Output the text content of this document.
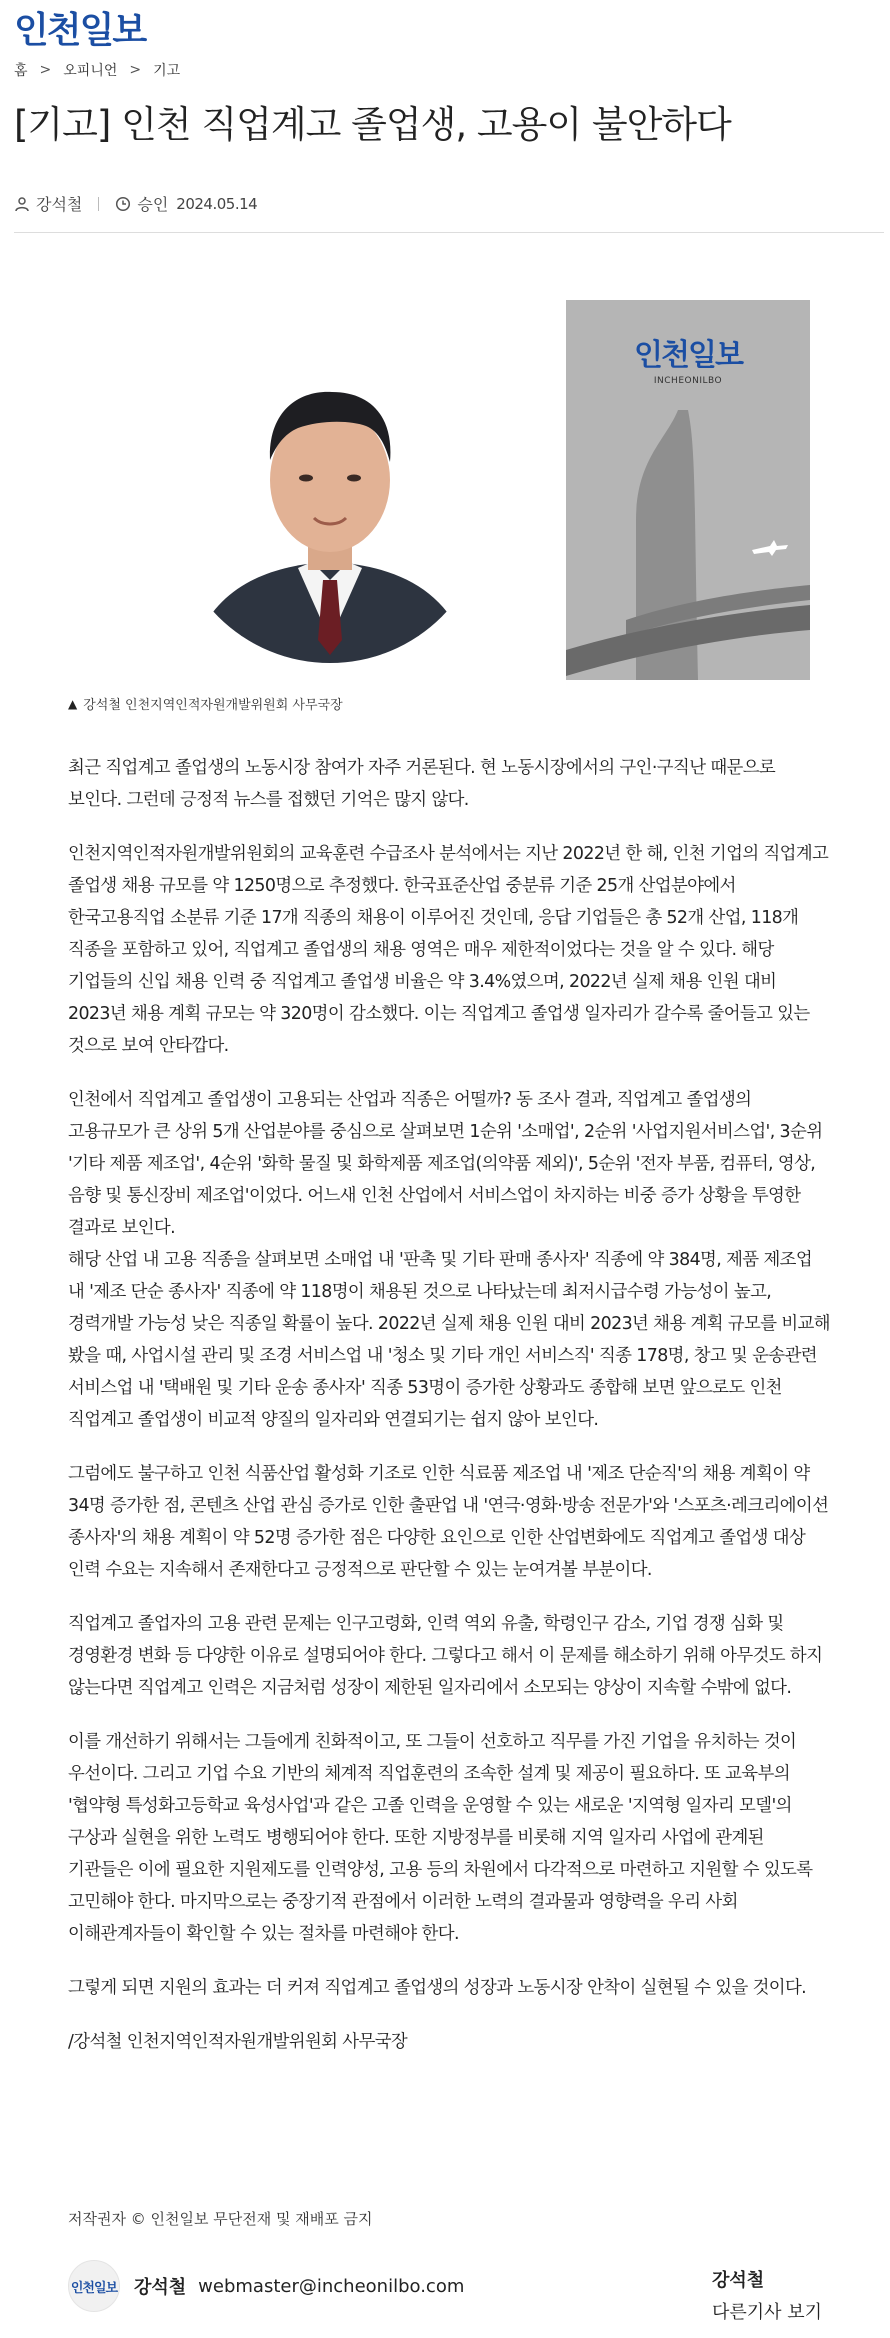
인천 일보
홈 > 오피니언 > 기고
[기고] 인천 직업계고 졸업생, 고용이 불안하다
강석철	승인 2024.05.14
인천일보
INCHEONILBO
▲ 강석철 인천지역인적자원개발위원회 사무국장

최근 직업계고 졸업생의 노동시장 참여가 자주 거론된다. 현 노동시장에서의 구인·구직난 때문으로 보인다. 그런데 긍정적 뉴스를 접했던 기억은 많지 않다.

인천지역인적자원개발위원회의 교육훈련 수급조사 분석에서는 지난 2022년 한 해, 인천 기업의 직업계고 졸업생 채용 규모를 약 1250명으로 추정했다. 한국표준산업 중분류 기준 25개 산업분야에서 한국고용직업 소분류 기준 17개 직종의 채용이 이루어진 것인데, 응답 기업들은 총 52개 산업, 118개 직종을 포함하고 있어, 직업계고 졸업생의 채용 영역은 매우 제한적이었다는 것을 알 수 있다. 해당 기업들의 신입 채용 인력 중 직업계고 졸업생 비율은 약 3.4%였으며, 2022년 실제 채용 인원 대비 2023년 채용 계획 규모는 약 320명이 감소했다. 이는 직업계고 졸업생 일자리가 갈수록 줄어들고 있는 것으로 보여 안타깝다.

인천에서 직업계고 졸업생이 고용되는 산업과 직종은 어떨까? 동 조사 결과, 직업계고 졸업생의 고용규모가 큰 상위 5개 산업분야를 중심으로 살펴보면 1순위 '소매업', 2순위 '사업지원서비스업', 3순위 '기타 제품 제조업', 4순위 '화학 물질 및 화학제품 제조업(의약품 제외)', 5순위 '전자 부품, 컴퓨터, 영상, 음향 및 통신장비 제조업'이었다. 어느새 인천 산업에서 서비스업이 차지하는 비중 증가 상황을 투영한 결과로 보인다.

해당 산업 내 고용 직종을 살펴보면 소매업 내 '판촉 및 기타 판매 종사자' 직종에 약 384명, 제품 제조업 내 '제조 단순 종사자' 직종에 약 118명이 채용된 것으로 나타났는데 최저시급수령 가능성이 높고, 경력개발 가능성 낮은 직종일 확률이 높다. 2022년 실제 채용 인원 대비 2023년 채용 계획 규모를 비교해 봤을 때, 사업시설 관리 및 조경 서비스업 내 '청소 및 기타 개인 서비스직' 직종 178명, 창고 및 운송관련 서비스업 내 '택배원 및 기타 운송 종사자' 직종 53명이 증가한 상황과도 종합해 보면 앞으로도 인천 직업계고 졸업생이 비교적 양질의 일자리와 연결되기는 쉽지 않아 보인다.

그럼에도 불구하고 인천 식품산업 활성화 기조로 인한 식료품 제조업 내 '제조 단순직'의 채용 계획이 약 34명 증가한 점, 콘텐츠 산업 관심 증가로 인한 출판업 내 '연극·영화·방송 전문가'와 '스포츠·레크리에이션 종사자'의 채용 계획이 약 52명 증가한 점은 다양한 요인으로 인한 산업변화에도 직업계고 졸업생 대상 인력 수요는 지속해서 존재한다고 긍정적으로 판단할 수 있는 눈여겨볼 부분이다.

직업계고 졸업자의 고용 관련 문제는 인구고령화, 인력 역외 유출, 학령인구 감소, 기업 경쟁 심화 및 경영환경 변화 등 다양한 이유로 설명되어야 한다. 그렇다고 해서 이 문제를 해소하기 위해 아무것도 하지 않는다면 직업계고 인력은 지금처럼 성장이 제한된 일자리에서 소모되는 양상이 지속할 수밖에 없다.

이를 개선하기 위해서는 그들에게 친화적이고, 또 그들이 선호하고 직무를 가진 기업을 유치하는 것이 우선이다. 그리고 기업 수요 기반의 체계적 직업훈련의 조속한 설계 및 제공이 필요하다. 또 교육부의 '협약형 특성화고등학교 육성사업'과 같은 고졸 인력을 운영할 수 있는 새로운 '지역형 일자리 모델'의 구상과 실현을 위한 노력도 병행되어야 한다. 또한 지방정부를 비롯해 지역 일자리 사업에 관계된 기관들은 이에 필요한 지원제도를 인력양성, 고용 등의 차원에서 다각적으로 마련하고 지원할 수 있도록 고민해야 한다. 마지막으로는 중장기적 관점에서 이러한 노력의 결과물과 영향력을 우리 사회 이해관계자들이 확인할 수 있는 절차를 마련해야 한다.

그렇게 되면 지원의 효과는 더 커져 직업계고 졸업생의 성장과 노동시장 안착이 실현될 수 있을 것이다.

/강석철 인천지역인적자원개발위원회 사무국장

저작권자 © 인천일보 무단전재 및 재배포 금지
인천일보 강석철 webmaster@incheonilbo.com	강석철
다른기사 보기
